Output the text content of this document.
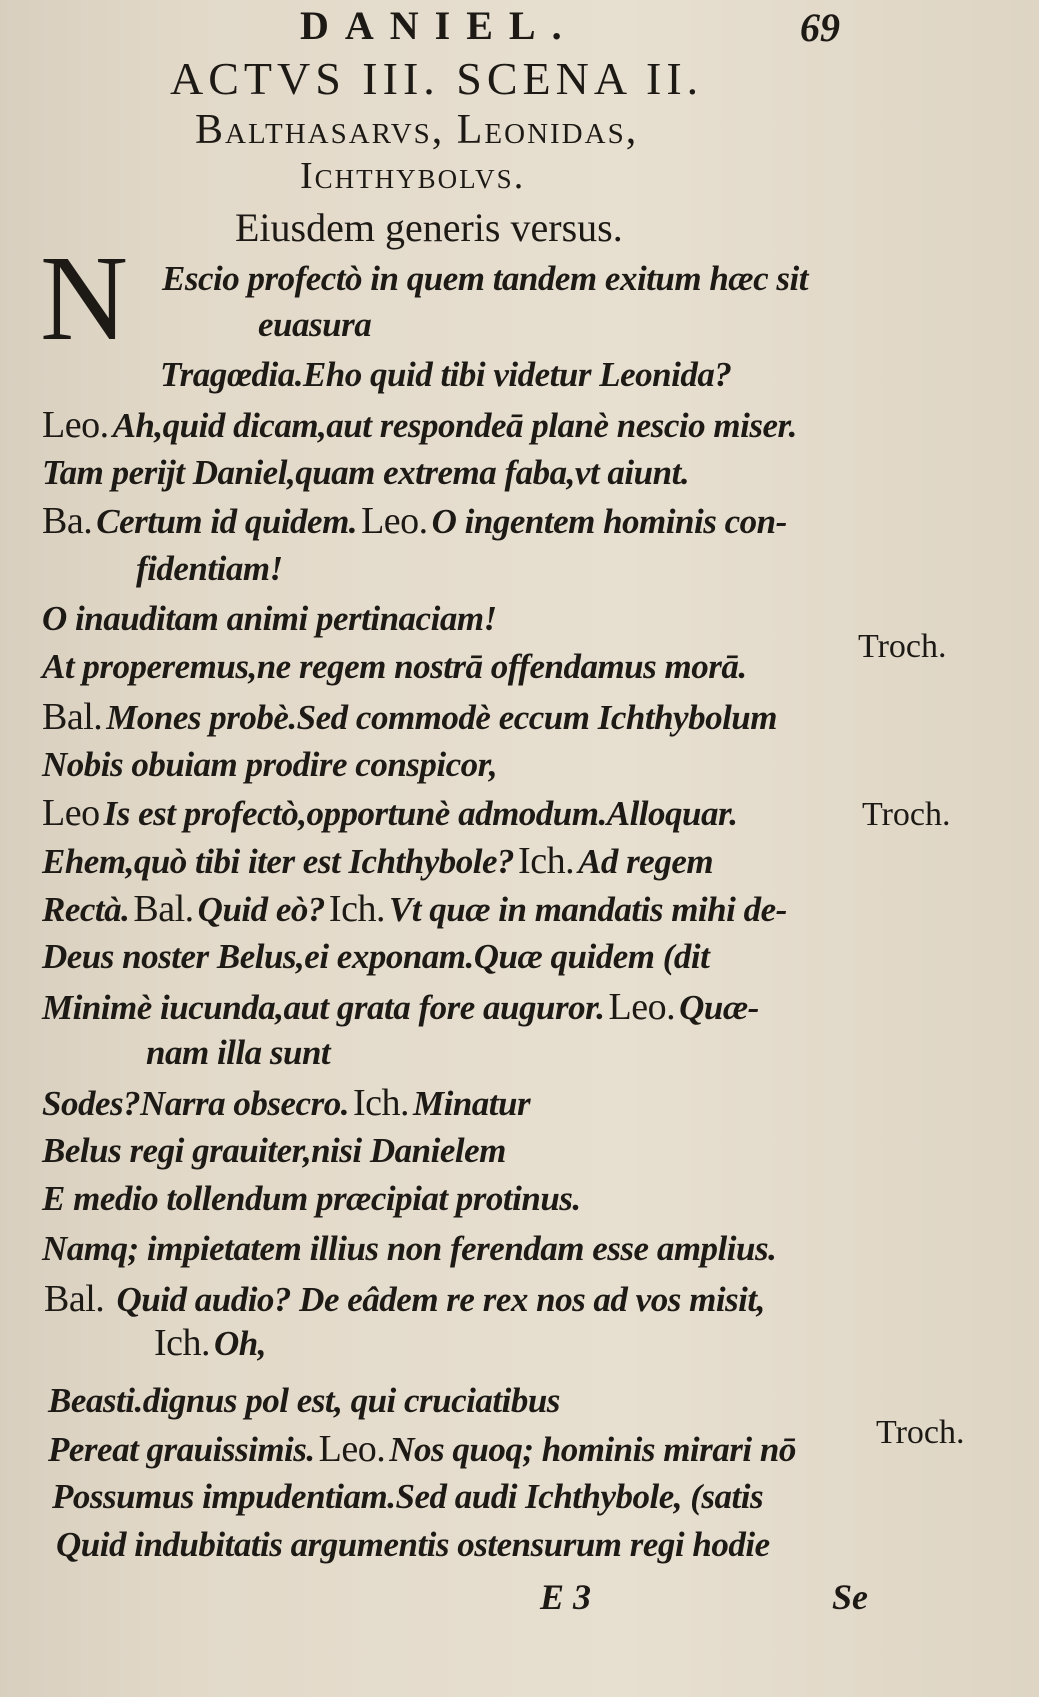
DANIEL.	69
ACTVS III. SCENA II.
Balthasarvs, Leonidas,
Ichthybolvs.
Eiusdem generis versus.
N Escio profectò in quem tandem exitum hæc sit
euasura
Tragœdia.Eho quid tibi videtur Leonida?
Leo. Ah,quid dicam,aut respondeā planè nescio miser.
Tam perijt Daniel,quam extrema faba,vt aiunt.
Ba. Certum id quidem. Leo. O ingentem hominis con-
fidentiam!
O inauditam animi pertinaciam!
At properemus,ne regem nostrā offendamus morā.
Bal. Mones probè.Sed commodè eccum Ichthybolum
Nobis obuiam prodire conspicor,
Leo Is est profectò,opportunè admodum.Alloquar.
Ehem,quò tibi iter est Ichthybole? Ich. Ad regem
Rectà. Bal. Quid eò? Ich. Vt quæ in mandatis mihi de-
Deus noster Belus,ei exponam.Quæ quidem (dit
Minimè iucunda,aut grata fore auguror. Leo. Quæ-
nam illa sunt
Sodes?Narra obsecro. Ich. Minatur
Belus regi grauiter,nisi Danielem
E medio tollendum præcipiat protinus.
Namq; impietatem illius non ferendam esse amplius.
Bal. Quid audio? De eâdem re rex nos ad vos misit,
Ich. Oh,
Beasti.dignus pol est, qui cruciatibus
Pereat grauissimis. Leo. Nos quoq; hominis mirari nō
Possumus impudentiam.Sed audi Ichthybole, (satis
Quid indubitatis argumentis ostensurum regi hodie
Troch.
Troch.
Troch.
E 3	Se
